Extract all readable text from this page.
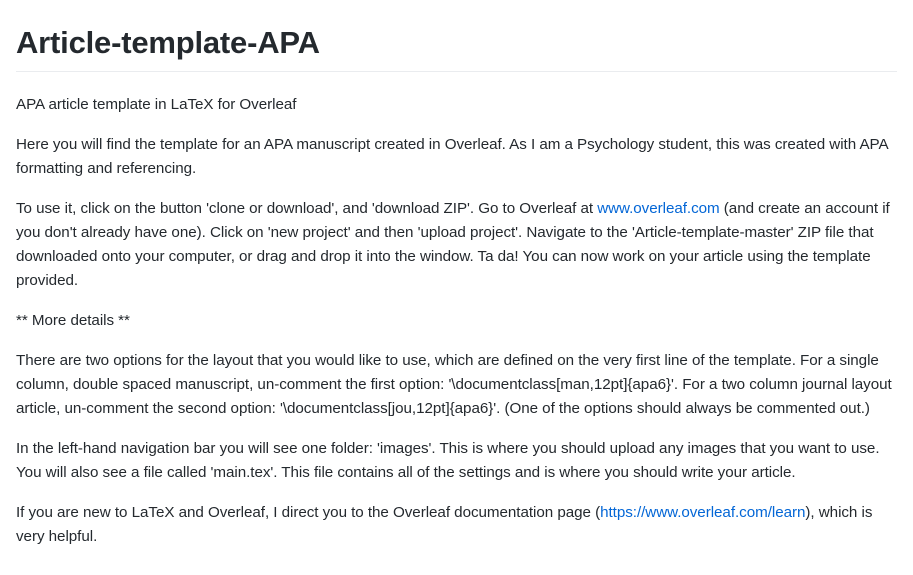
Article-template-APA

APA article template in LaTeX for Overleaf

Here you will find the template for an APA manuscript created in Overleaf. As I am a Psychology student, this was created with APA formatting and referencing.

To use it, click on the button 'clone or download', and 'download ZIP'. Go to Overleaf at www.overleaf.com (and create an account if you don't already have one). Click on 'new project' and then 'upload project'. Navigate to the 'Article-template-master' ZIP file that downloaded onto your computer, or drag and drop it into the window. Ta da! You can now work on your article using the template provided.

** More details **

There are two options for the layout that you would like to use, which are defined on the very first line of the template. For a single column, double spaced manuscript, un-comment the first option: '\documentclass[man,12pt]{apa6}'. For a two column journal layout article, un-comment the second option: '\documentclass[jou,12pt]{apa6}'. (One of the options should always be commented out.)

In the left-hand navigation bar you will see one folder: 'images'. This is where you should upload any images that you want to use. You will also see a file called 'main.tex'. This file contains all of the settings and is where you should write your article.

If you are new to LaTeX and Overleaf, I direct you to the Overleaf documentation page (https://www.overleaf.com/learn), which is very helpful.
